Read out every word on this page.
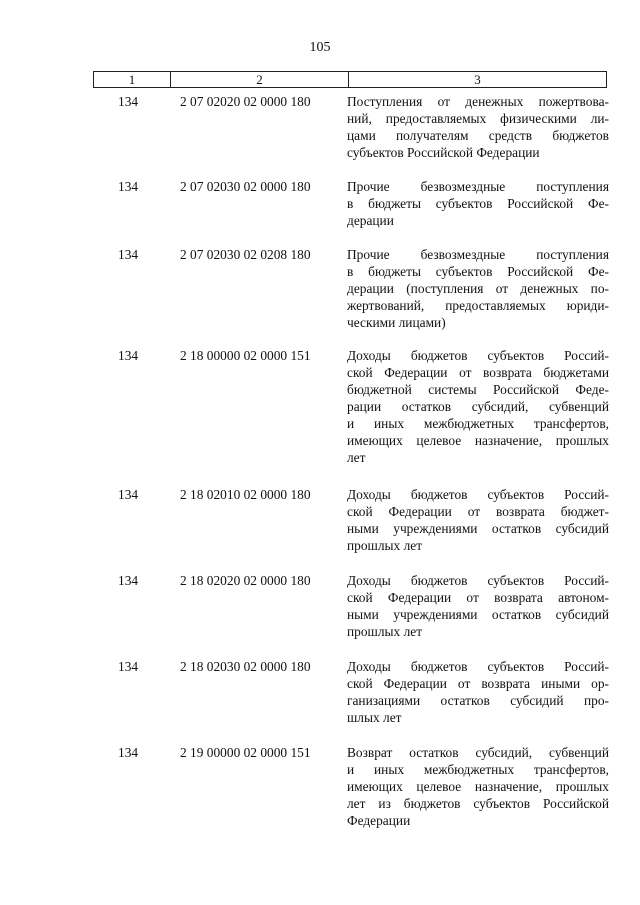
105
1	2	3
134	2 07 02020 02 0000 180	Поступления от денежных пожертвова-
ний, предоставляемых физическими ли-
цами получателям средств бюджетов
субъектов Российской Федерации
134	2 07 02030 02 0000 180	Прочие безвозмездные поступления
в бюджеты субъектов Российской Фе-
дерации
134	2 07 02030 02 0208 180	Прочие безвозмездные поступления
в бюджеты субъектов Российской Фе-
дерации (поступления от денежных по-
жертвований, предоставляемых юриди-
ческими лицами)
134	2 18 00000 02 0000 151	Доходы бюджетов субъектов Россий-
ской Федерации от возврата бюджетами
бюджетной системы Российской Феде-
рации остатков субсидий, субвенций
и иных межбюджетных трансфертов,
имеющих целевое назначение, прошлых
лет
134	2 18 02010 02 0000 180	Доходы бюджетов субъектов Россий-
ской Федерации от возврата бюджет-
ными учреждениями остатков субсидий
прошлых лет
134	2 18 02020 02 0000 180	Доходы бюджетов субъектов Россий-
ской Федерации от возврата автоном-
ными учреждениями остатков субсидий
прошлых лет
134	2 18 02030 02 0000 180	Доходы бюджетов субъектов Россий-
ской Федерации от возврата иными ор-
ганизациями остатков субсидий про-
шлых лет
134	2 19 00000 02 0000 151	Возврат остатков субсидий, субвенций
и иных межбюджетных трансфертов,
имеющих целевое назначение, прошлых
лет из бюджетов субъектов Российской
Федерации
